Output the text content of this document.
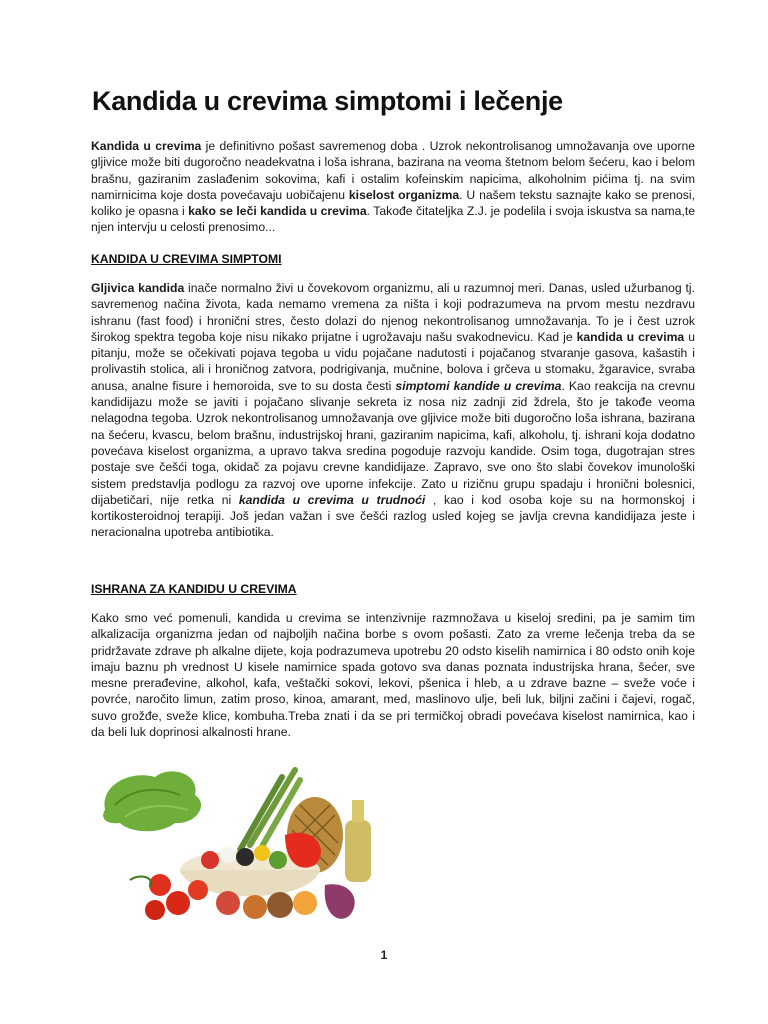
Kandida u crevima simptomi i lečenje

Kandida u crevima je definitivno pošast savremenog doba . Uzrok nekontrolisanog umnožavanja ove uporne gljivice može biti dugoročno neadekvatna i loša ishrana, bazirana na veoma štetnom belom šećeru, kao i belom brašnu, gaziranim zaslađenim sokovima, kafi i ostalim kofeinskim napicima, alkoholnim pićima tj. na svim namirnicima koje dosta povećavaju uobičajenu kiselost organizma. U našem tekstu saznajte kako se prenosi, koliko je opasna i kako se leči kandida u crevima. Takođe čitateljka Z.J. je podelila i svoja iskustva sa nama,te njen intervju u celosti prenosimo...

KANDIDA U CREVIMA SIMPTOMI

Gljivica kandida inače normalno živi u čovekovom organizmu, ali u razumnoj meri. Danas, usled užurbanog tj. savremenog načina života, kada nemamo vremena za ništa i koji podrazumeva na prvom mestu nezdravu ishranu (fast food) i hronični stres, često dolazi do njenog nekontrolisanog umnožavanja. To je i čest uzrok širokog spektra tegoba koje nisu nikako prijatne i ugrožavaju našu svakodnevicu. Kad je kandida u crevima u pitanju, može se očekivati pojava tegoba u vidu pojačane nadutosti i pojačanog stvaranje gasova, kašastih i prolivastih stolica, ali i hroničnog zatvora, podrigivanja, mučnine, bolova i grčeva u stomaku, žgaravice, svraba anusa, analne fisure i hemoroida, sve to su dosta česti simptomi kandide u crevima. Kao reakcija na crevnu kandidijazu može se javiti i pojačano slivanje sekreta iz nosa niz zadnji zid ždrela, što je takođe veoma nelagodna tegoba. Uzrok nekontrolisanog umnožavanja ove gljivice može biti dugoročno loša ishrana, bazirana na šećeru, kvascu, belom brašnu, industrijskoj hrani, gaziranim napicima, kafi, alkoholu, tj. ishrani koja dodatno povećava kiselost organizma, a upravo takva sredina pogoduje razvoju kandide. Osim toga, dugotrajan stres postaje sve češći toga, okidač za pojavu crevne kandidijaze. Zapravo, sve ono što slabi čovekov imunološki sistem predstavlja podlogu za razvoj ove uporne infekcije. Zato u rizičnu grupu spadaju i hronični bolesnici, dijabetičari, nije retka ni kandida u crevima u trudnoći , kao i kod osoba koje su na hormonskoj i kortikosteroidnoj terapiji. Još jedan važan i sve češći razlog usled kojeg se javlja crevna kandidijaza jeste i neracionalna upotreba antibiotika.

ISHRANA ZA KANDIDU U CREVIMA

Kako smo već pomenuli, kandida u crevima se intenzivnije razmnožava u kiseloj sredini, pa je samim tim alkalizacija organizma jedan od najboljih načina borbe s ovom pošasti. Zato za vreme lečenja treba da se pridržavate zdrave ph alkalne dijete, koja podrazumeva upotrebu 20 odsto kiselih namirnica i 80 odsto onih koje imaju baznu ph vrednost U kisele namirnice spada gotovo sva danas poznata industrijska hrana, šećer, sve mesne prerađevine, alkohol, kafa, veštački sokovi, lekovi, pšenica i hleb, a u zdrave bazne – sveže voće i povrće, naročito limun, zatim proso, kinoa, amarant, med, maslinovo ulje, beli luk, biljni začini i čajevi, rogač, suvo grožđe, sveže klice, kombuha.Treba znati i da se pri termičkoj obradi povećava kiselost namirnica, kao i da beli luk doprinosi alkalnosti hrane.

1
